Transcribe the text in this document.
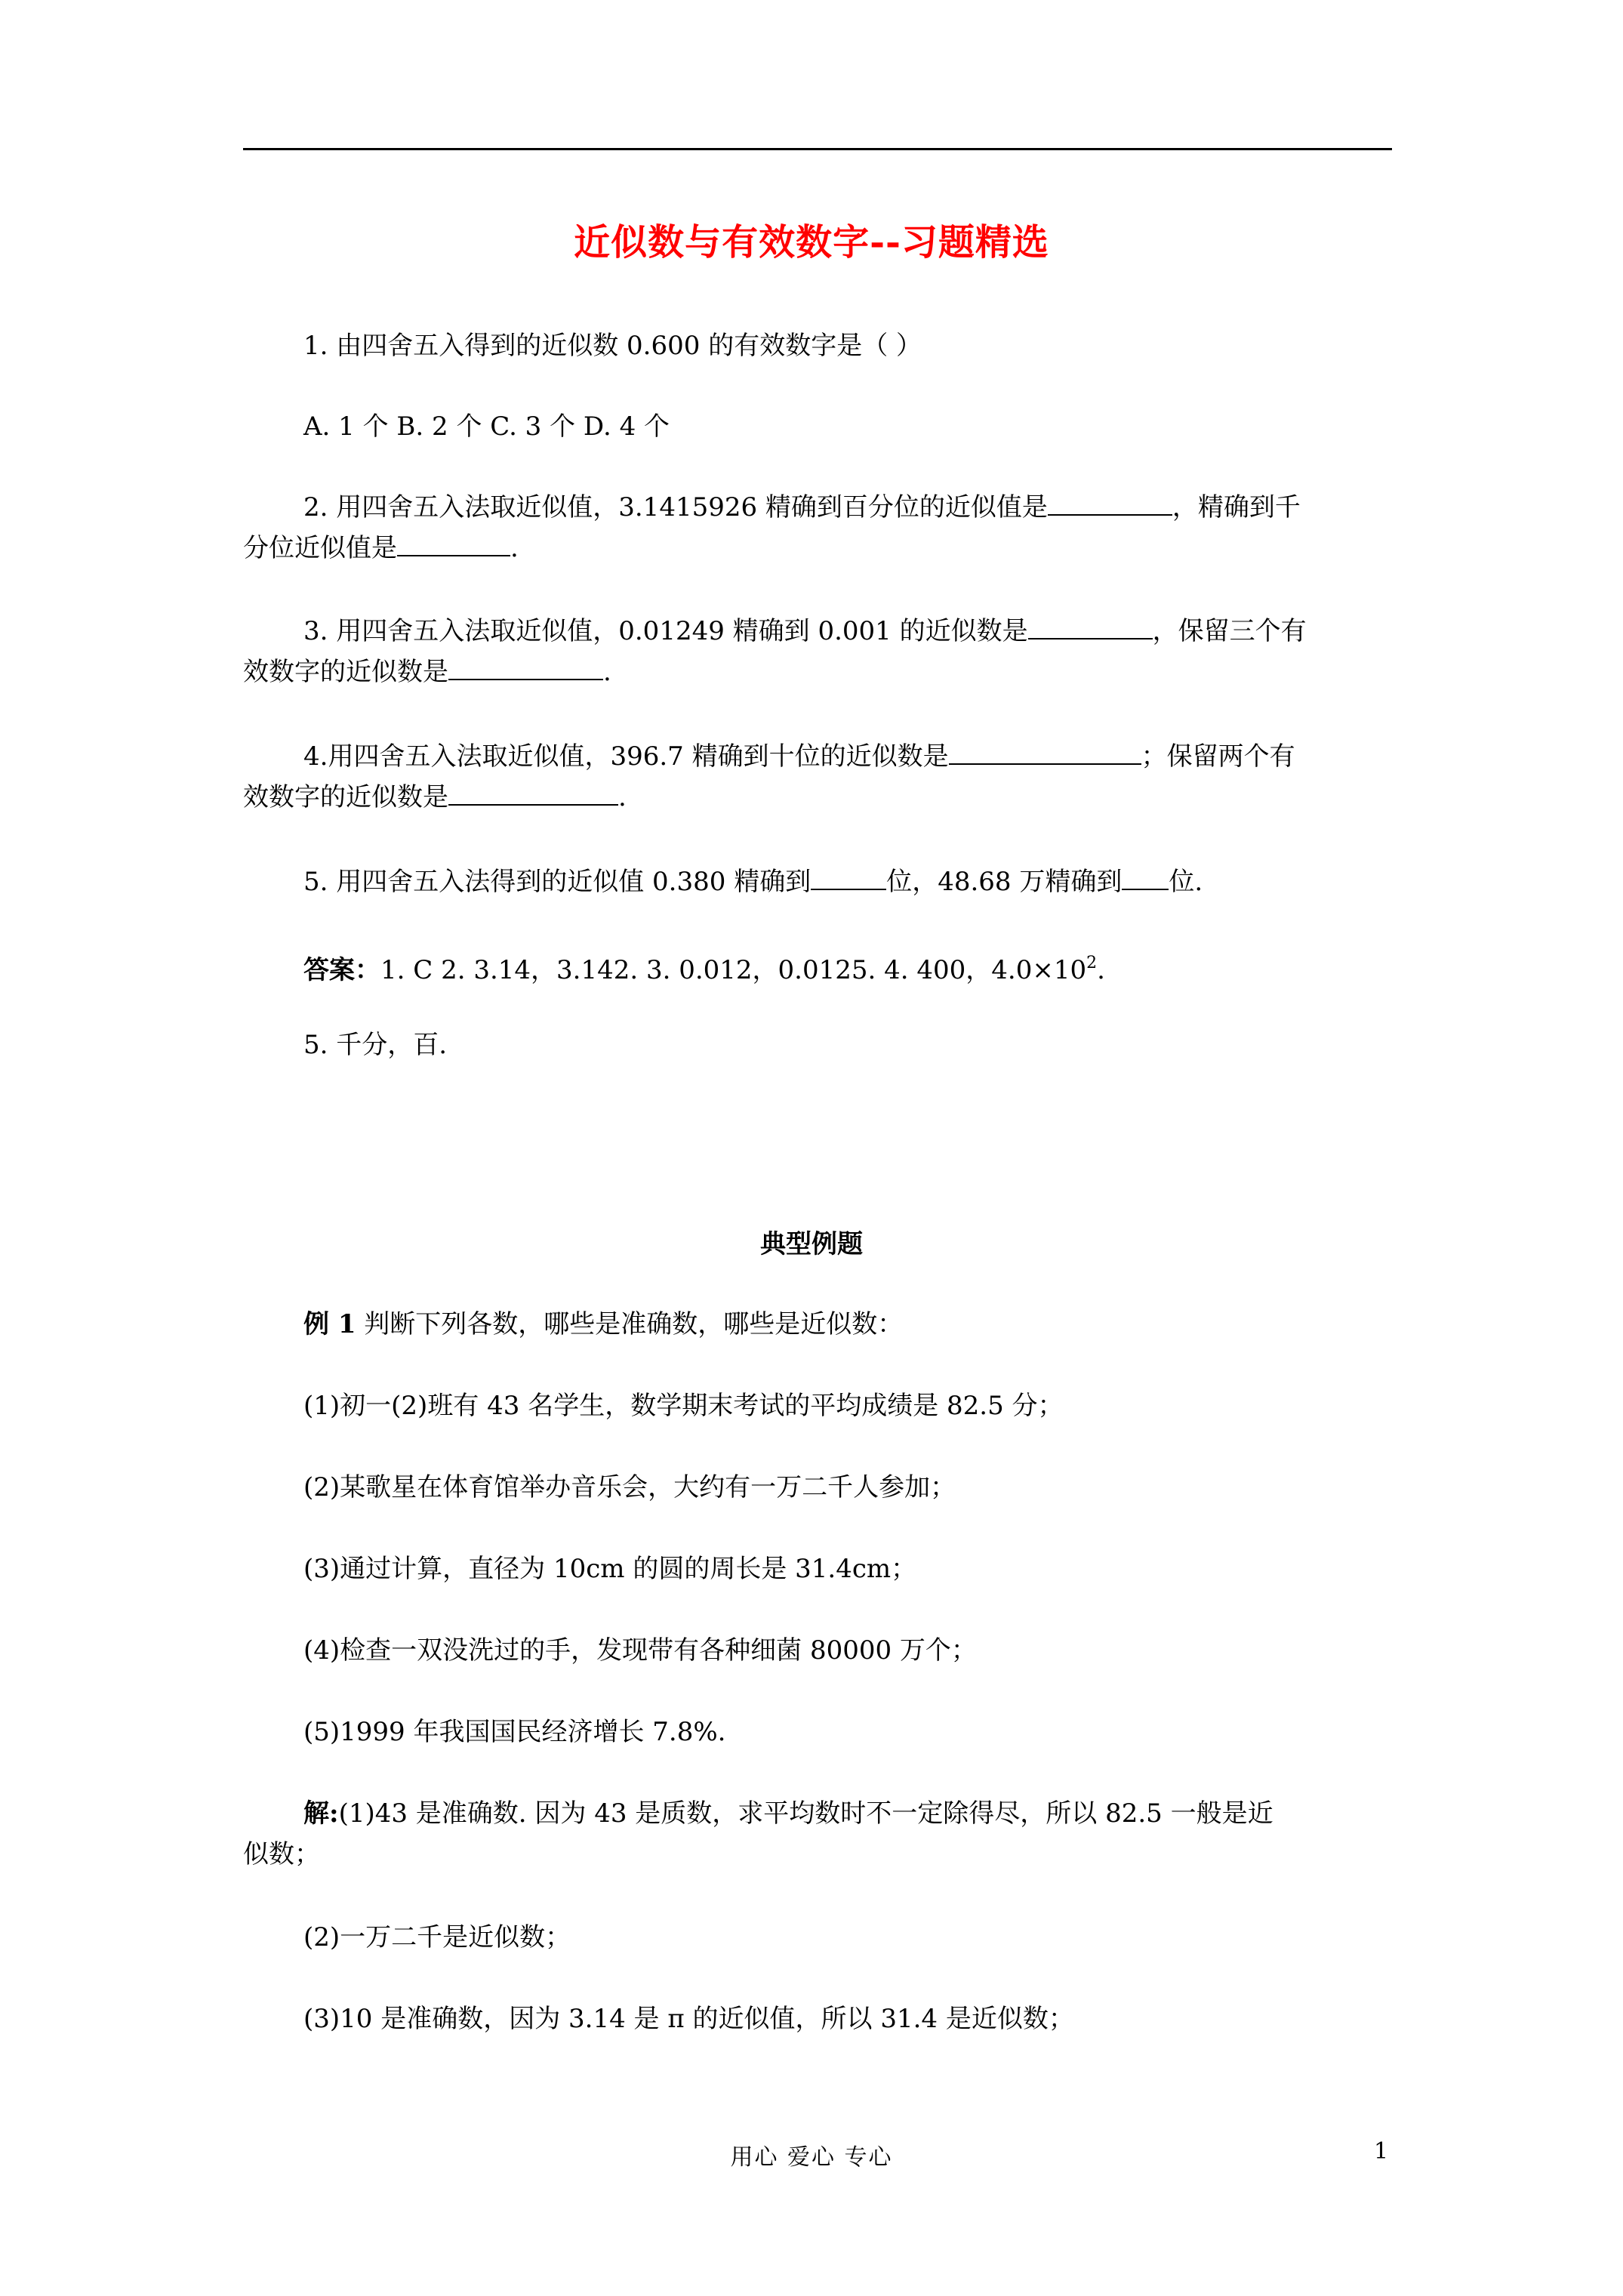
近似数与有效数字--习题精选
1. 由四舍五入得到的近似数 0.600 的有效数字是（ ）
A. 1 个 B. 2 个 C. 3 个 D. 4 个
2. 用四舍五入法取近似值，3.1415926 精确到百分位的近似值是	，精确到千
分位近似值是	.
3. 用四舍五入法取近似值，0.01249 精确到 0.001 的近似数是	，保留三个有
效数字的近似数是	.
4.用四舍五入法取近似值，396.7 精确到十位的近似数是	；保留两个有
效数字的近似数是	.
5. 用四舍五入法得到的近似值 0.380 精确到	位，48.68 万精确到 位.
答案：1. C 2. 3.14，3.142. 3. 0.012，0.0125. 4. 400，$4.0\times 10^2$.
5. 千分，百.
典型例题
例 1 判断下列各数，哪些是准确数，哪些是近似数：
(1)初一(2)班有 43 名学生，数学期末考试的平均成绩是 82.5 分；
(2)某歌星在体育馆举办音乐会，大约有一万二千人参加；
(3)通过计算，直径为 10cm 的圆的周长是 31.4cm；
(4)检查一双没洗过的手，发现带有各种细菌 80000 万个；
(5)1999 年我国国民经济增长 7.8%.
解:(1)43 是准确数. 因为 43 是质数，求平均数时不一定除得尽，所以 82.5 一般是近
似数；
(2)一万二千是近似数；
(3)10 是准确数，因为 3.14 是 π 的近似值，所以 31.4 是近似数；
用心 爱心 专心	1
